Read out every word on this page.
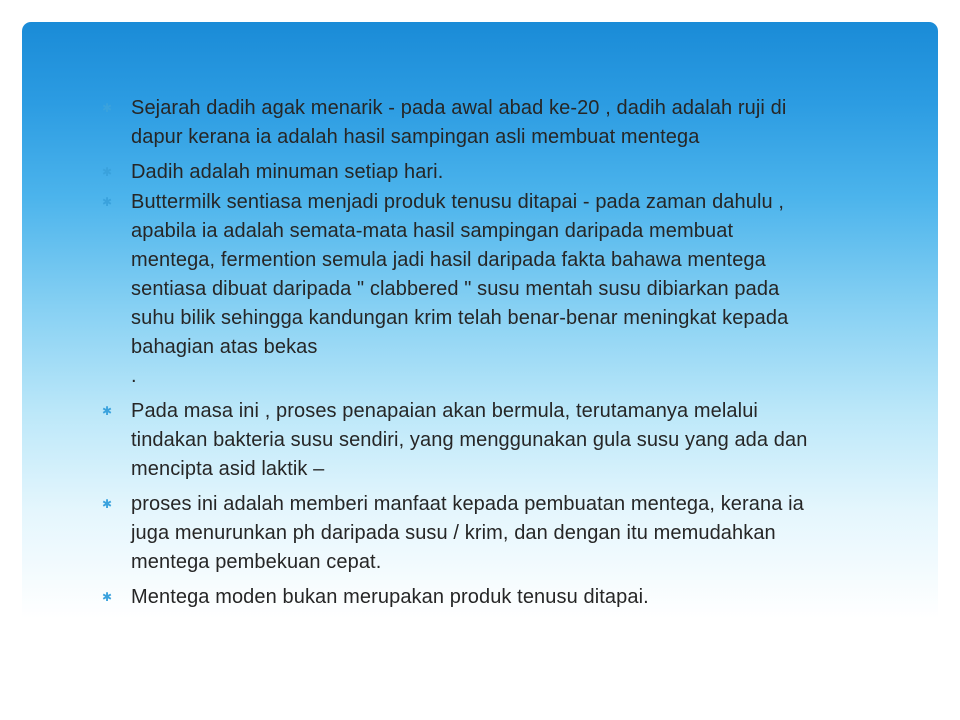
✱ Sejarah dadih agak menarik - pada awal abad ke-20 , dadih adalah ruji di
dapur kerana ia adalah hasil sampingan asli membuat mentega
✱ Dadih adalah minuman setiap hari.
✱ Buttermilk sentiasa menjadi produk tenusu ditapai - pada zaman dahulu ,
apabila ia adalah semata-mata hasil sampingan daripada membuat
mentega, fermention semula jadi hasil daripada fakta bahawa mentega
sentiasa dibuat daripada " clabbered " susu mentah susu dibiarkan pada
suhu bilik sehingga kandungan krim telah benar-benar meningkat kepada
bahagian atas bekas
.
✱ Pada masa ini , proses penapaian akan bermula, terutamanya melalui
tindakan bakteria susu sendiri, yang menggunakan gula susu yang ada dan
mencipta asid laktik –
✱ proses ini adalah memberi manfaat kepada pembuatan mentega, kerana ia
juga menurunkan ph daripada susu / krim, dan dengan itu memudahkan
mentega pembekuan cepat.
✱ Mentega moden bukan merupakan produk tenusu ditapai.
